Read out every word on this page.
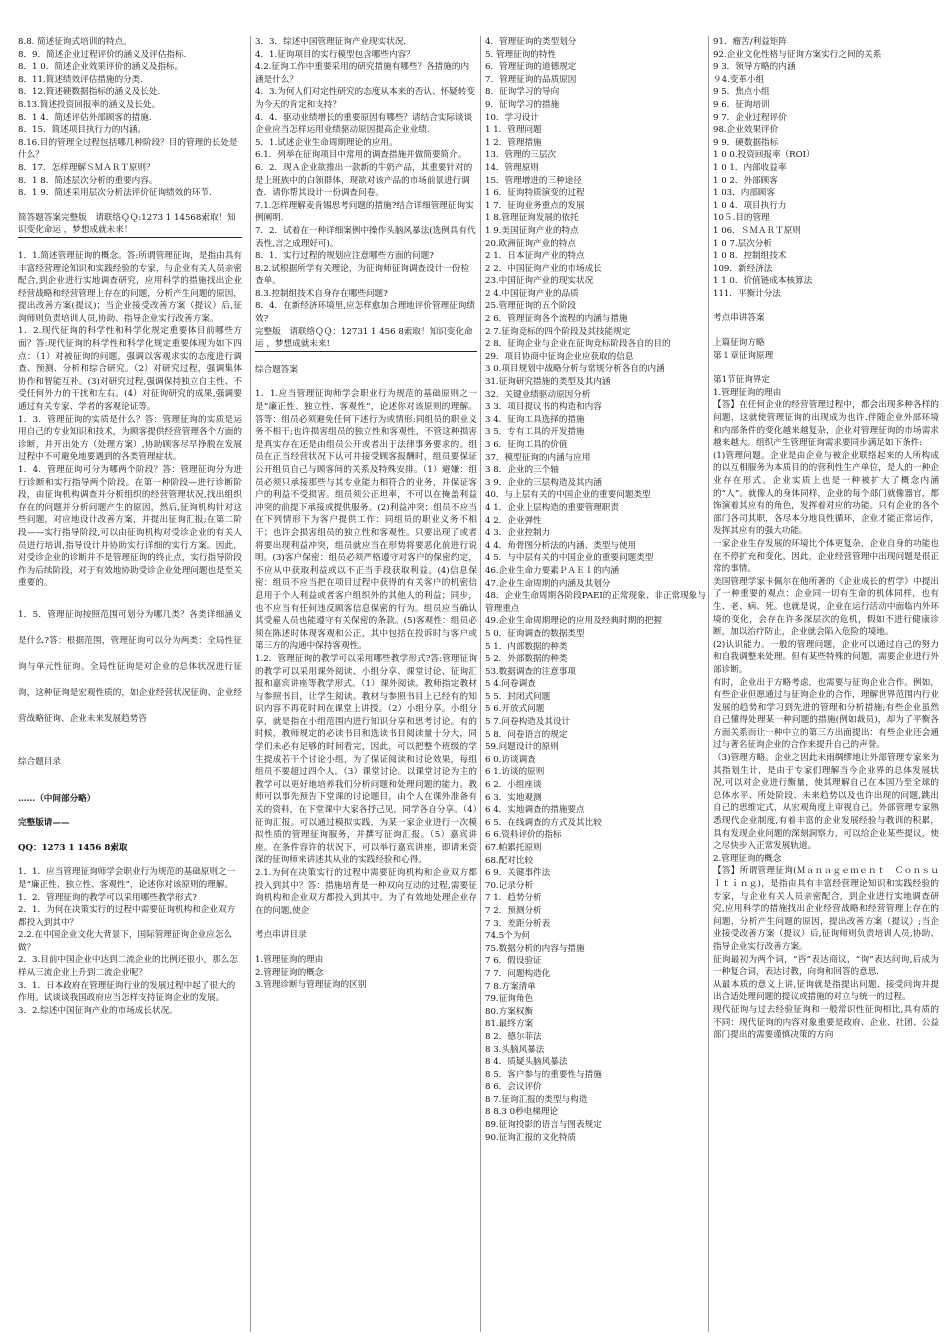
8.8. 简述征询式培训的特点。
8．9．简述企业过程评价的涵义及评估指标.
8．1 0．简述企业效果评价的涵义及指标。
8．11.简述绩效评估措施的分类.
8．12.简述硬数据指标的涵义及长处.
8.13.简述投资回报率的涵义及长处。
8．1 4．简述评估外部顾客的措施.
8．15．简述项目执行力的内涵。
8.16.目的管理全过程包括哪几种阶段？目的管理的长处是什么？
8．17．怎样理解ＳＭＡＲＴ原则？
8．1 8．简述层次分析的重要内容。
8．1 9．简述采用层次分析法评价征询绩效的环节.
简答题答案完整版　请联络ＱＱ:1273 1 14568索取！知识变化命运 ，梦想成就未来！
1．1.简述管理征询的概念。答:所谓管理征询，是指由具有丰富经营理论知识和实践经验的专家，与企业有关人员亲密配合,到企业进行实地调查研究，应用科学的措施找出企业经营战略和经营管理上存在的问题，分析产生问题的原因，提出改善方案(提议)；当企业接受改善方案（提议）后,征询师则负责培训人员,协助、指导企业实行改善方案。
1．2.现代征询的科学性和科学化规定重要体目前哪些方面？答:现代征询的科学性和科学化规定重要体现为如下四点：（1）对被征询的问题，强调以客观求实的态度进行调查、预测、分析和综合研究。（2）对研究过程，强调集体协作和智能互补。(3)对研究过程,强调保持独立自主性、不受任何外力的干扰和左右。(4）对征询研究的成果,强调要通过有关专家、学者的客观论证等。
1．3．管理征询的实质是什么？答：管理征询的实质是运用自己的专业知识和技术，为顾客提供经营管理各个方面的诊断，并开出处方（处理方案）,协助顾客尽早挣脱在发展过程中不可避免地要遇到的各类管理症状。
1．4．管理征询可分为哪两个阶段？答：管理征询分为进行诊断和实行指导两个阶段。在第一种阶段—进行诊断阶段，由征询机构调查并分析组织的经营管理状况,找出组织存在的问题并分析问题产生的原因，然后,征询机构针对这些问题，对应地设计改善方案，并提出征询汇报;在第二阶段——实行指导阶段,可以由征询机构对受诊企业的有关人员进行培训,指导设计并协助实行详细的实行方案。因此，对受诊企业的诊断并不是管理征询的终止点，实行指导阶段作为后续阶段，对于有效地协助受诊企业处理问题也是至关重要的。
1．5．管理征询按照范围可划分为哪几类？各类详细涵义是什么?答：根据范围，管理征询可以分为两类：全局性征询与单元性征询。全局性征询是对企业的总体状况进行征询，这种征询是宏观性质的，如企业经营状况征询、企业经营战略征询、企业未来发展趋势咨
综合题目录
……（中间部分略）
完整版请——
QQ：1273 1 1456 8索取
1．1．应当管理征询师学会职业行为规范的基础原则之一是“廉正性、独立性、客观性”，论述你对该原则的理解。
1．2．管理征询的教学可以采用哪些教学形式?
2．1．为何在决策实行的过程中需要征询机构和企业双方都投入到其中？
2.2.在中国企业文化大背景下，国际管理征询企业应怎么做？
2．3.目前中国企业中达到二流企业的比例还很小，那么怎样从三流企业上升到二流企业呢？
3．1．日本政府在管理征询行业的发展过程中起了很大的作用。试谈谈我国政府应当怎样支持征询企业的发展。
3．2.综述中国征询产业的市场成长状况。
3．3．综述中国管理征询产业现实状况.
4．1.征询项目的实行模型包含哪些内容？
4.2.征询工作中重要采用的研究措施有哪些？各措施的内涵是什么？
4．3.为何人们对定性研究的态度从本来的否认、怀疑转变为今天的肯定和支持？
4．4．驱动业绩增长的重要原因有哪些？请结合实际谈谈企业应当怎样运用业绩驱动原因提高企业业绩.
5．1.试述企业生命周期理论的应用。
6.1．列举在征询项目中常用的调查措施并做简要简介。
6．2．现Ａ企业欲推出一款新的牛奶产品，其重要针对的是上班族中的白领群体，现欲对该产品的市场前景进行调查．请你帮其设计一份调查问卷。
7.1.怎样理解麦肯锡思考问题的措施?结合详细管理征询实例阐明.
7．2．试着在一种详细案例中操作头脑风暴法(选例具有代表性,言之成理好可)。
8．1．实行过程的规划应注意哪些方面的问题?
8.2.试根据所学有关理论，为征询师征询调查设计一份检查单。
8.3.控制组技术自身存在哪些问题?
8．4．在新经济环境里,应怎样愈加合理地评价管理征询绩效?
完整版　请联络ＱＱ：12731 1 456 8索取！知识变化命运 ，梦想成就未来!
综合题答案
1．1.应当管理征询师学会职业行为规范的基础原则之一是“廉正性、独立性、客观性”，论述你对该原则的理解。答等：组员必须避免任何下述行为或情形:同组员的职业义务不相干;也许损害组员的独立性和客观性，不管这种损害是真实存在还是由组员公开或者出于法律事务要求的。组员在正当经营状况下认可并接受顾客报酬时，组员要保证公开组员自己与顾客间的关系及特殊安排。（1）避嫌：组员必须只承接那些与其专业能力相符合的业务，并保证客户的利益不受损害。组员须公正坦率，不可以在掩盖利益冲突的前提下承接或提供服务。(2)利益冲突：组员不应当在下列情形下为客户提供工作：同组员的职业义务不相干；也许会损害组员的独立性和客观性。只要出现了或者将要出现利益冲突，组员就应当在形势将要恶化前进行说明。(3)客户保密：组员必须严格遵守对客户的保密约定，不应从中获取利益或以不正当手段获取利益。(4)信息保密：组员不应当把在项目过程中获得的有关客户的机密信息用于个人利益或者客户组织外的其他人的利益；同步，也不应当有任何违反顾客信息保密的行为。组员应当确认其受雇人员也能遵守有关保密的条款。(5)客观性：组员必须在陈述时体现客观和公正，其中包括在投诉时与客户或第三方的沟通中保持客观性。
1.2．管理征询的教学可以采用哪些教学形式?答:管理征询的教学可以采用课外阅读、小组分享、课堂讨论、征询汇报和嘉宾讲座等教学形式。（1）课外阅读。教师指定教材与参照书目，让学生阅读。教材与参照书目上已经有的知识内容不再花时间在课堂上讲授。（2）小组分享。小组分享，就是指在小组范围内进行知识分享和思考讨论。有的时候，教师规定的必读书目和选读书目阅读量十分大，同学们未必有足够的时间看完，因此，可以把整个班级的学生提成若干个讨论小组，为了保证阅读和讨论效果，每组组员不要超过四个人。（3）课堂讨论。以课堂讨论为主的教学可以更好地培养我们分析问题和处理问题的能力。教师可以事先预告下堂课的讨论题目，由个人在课外准备有关的资料，在下堂课中大家各抒己见，同学各自分享。（4）征询汇报。可以通过模拟实践，为某一家企业进行一次模拟性质的管理征询服务，并撰写征询汇报。（5）嘉宾讲座。在条件容许的状况下，可以举行嘉宾讲座，即请来资深的征询师来讲述其从业的实践经验和心得。
2.1.为何在决策实行的过程中需要征询机构和企业双方都投入到其中？答：措施培育是一种双向互动的过程,需要征询机构和企业双方都投入到其中。为了有效地处理企业存在的问题,使企
考点串讲目录
1.管理征询的理由
2.管理征询的概念
3.管理诊断与管理征询的区别
4．管理征询的类型划分
5. 管理征询的特性
6．管理征询的道德规定
7．管理征询的品质原因
8．征询学习的导向
9．征询学习的措施
10．学习设计
1 1．管理问题
1 2．管理措施
13．管理的三层次
14．管理原则
15．管理增进的三种途径
1 6．征询特质演变的过程
1 7．征询业务重点的发展
1 8.管理征询发展的依托
1 9.美国征询产业的特点
20.欧洲征询产业的特点
2 1．日本征询产业的特点
2 2．中国征询产业的市场成长
23.中国征询产业的现实状况
2 4.中国征询产业的品质
25.管理征询的五个阶段
2 6．管理征询各个流程的内涵与措施
2 7.征询竞标的四个阶段及其技能规定
2 8．征询企业与企业在征询竞标阶段各自的目的
29．项目协商中征询企业应获取的信息
3 0.项目规划中战略分析与常规分析各自的内涵
31.征询研究措施的类型及其内涵
32．关键业绩驱动原因分析
3 3．项目提议书的构造和内容
3 4．征询工具选择的措施
3 5．专有工具的开发措施
3 6．征询工具的价值
37．模型征询的内涵与应用
3 8．企业的三个轴
3 9．企业的三层构造及其内涵
40．与上层有关的中国企业的重要问题类型
4 1．企业上层构造的重要管理职责
4 2．企业弹性
4 3．企业控制力
4 4．角骨图分析法的内涵、类型与使用
4 5．与中层有关的中国企业的重要问题类型
46.企业生命力要素ＰＡＥＩ的内涵
47.企业生命周期的内涵及其划分
48．企业生命周期各阶段PAEI的正常现象、非正常现象与管理重点
49.企业生命周期理论的应用及经典时期的把握
5 0．征询调查的数据类型
5 1．内部数据的种类
5 2．外部数据的种类
53.数据调查的注意事项
5 4.问卷调查
5 5．封闭式问题
5 6.开放式问题
5 7.问卷构造及其设计
5 8．问卷语言的规定
59.问题设计的原则
6 0.访谈调查
6 1.访谈的原则
6 2．小组座谈
6 3．实地观测
6 4．实地调查的措施要点
6 5．在线调查的方式及其比较
6 6.资料评价的指标
67.帕累托原则
68.配对比较
6 9．关键事件法
70.记录分析
7 1．趋势分析
7 2．预测分析
7 3．差距分析表
74.5个为何
75.数据分析的内容与措施
7 6．假设验证
7 7．问题构造化
7 8.方案清单
79.征询角色
80.方案权衡
81.最终方案
8 2．德尔菲法
8 3.头脑风暴法
8 4．质疑头脑风暴法
8 5．客户参与的重要性与措施
8 6．会议评价
8 7.征询汇报的类型与构造
8 8.3 0秒电梯理论
89.征询投影的语言与图表规定
90.征询汇报的文化特质
91．瘤苦/利益矩阵
92.企业文化性格与征询方案实行之间的关系
9 3．领导方略的内涵
９4.变革小组
9 5．焦点小组
9 6．征询培训
9 7．企业过程评价
98.企业效果评价
9 9．硬数据指标
1 0 0.投资回报率（ROI）
1 0 1．内部收益率
1 0 2．外部顾客
1 03．内部顾客
1 0 4．项目执行力
10５.目的管理
1 06．ＳＭＡＲＴ原则
1 0 7.层次分析
1 0 8．控制组技术
109．新经济法
1 1 0．价值链成本核算法
111．平衡计分法
考点串讲答案
上篇征询方略
第１章征询原理
第1节征询界定
1.管理征询的理由
【答】在任何企业的经营管理过程中，都会出现多种各样的问题，这就使管理征询的出现成为也许.伴随企业外部环境和内部条件的变化越来越复杂，企业对管理征询的市场需求越来越大。组织产生管理征询需求要同步满足如下条件:
(1)管理问题。企业是由企业与被企业联络起来的人所构成的以互相服务为本质目的的营利性生产单位，是人的一种企业存在形式。企业实质上也是一种被扩大了概念内涵的“人”。就像人的身体同样，企业的每个部门就像器官，都饰演着其应有的角色，发挥着对应的功能。只有企业的各个部门各司其职，各尽本分地良性循环，企业才能正常运作，发挥其应有的强大功能。
一家企业生存发展的环境比个体更复杂，企业自身的功能也在不停扩充和变化，因此，企业经营管理中出现问题是很正常的事情。
美国管理学家卡佩尔在他所著的《企业成长的哲学》中提出了一种重要的观点：企业同一切有生命的机体同样，也有生、老、病、死。也就是说，企业在运行活动中面临内外环境的变化，会存在许多深层次的危机，假如不进行健康诊断，加以治疗防止，企业就会陷入危险的境地。
(2)认识能力。一般的管理问题，企业可以通过自己的努力和自我调整来处理。但有某些特殊的问题，需要企业进行外部诊断。
有时，企业出于方略考虑，也需要与征询企业合作。例如，有些企业但愿通过与征询企业的合作，理解世界范围内行业发展的趋势和学习到先进的管理和分析措施;有些企业虽然自己懂得处理某一种问题的措施(例如裁员)，却为了平衡各方面关系而让一种中立的第三方出面提出：有些企业还会通过与著名征询企业的合作来提升自己的声誉。
（3)管理方略。企业之因此未雨绸缪地让外部管理专家来为其指划生计，是由于专家们理解当今企业界的总体发展状况,可以对企业进行衡量，使其理解自己在本国乃至全球的总体水平、所处阶段、未来趋势以及也许出现的问题,跳出自己的思维定式，从宏观角度上审视自己。外部管理专家熟悉现代企业制度,有着丰富的企业发展经验与教训的积累，具有发现企业问题的深刻洞察力，可以给企业某些提议，使之尽快步入正常发展轨道。
2.管理征询的概念
【答】所谓管理征询(Ｍａｎａｇｅｍｅｎｔ　Ｃｏｎｓｕｌｔｉｎｇ)，是指由具有丰富经营理论知识和实践经验的专家，与企业有关人员亲密配合，到企业进行实地调查研究,应用科学的措施找出企业经营战略和经营管理上存在的问题，分析产生问题的原因，提出改善方案（提议）;当企业接受改善方案（提议）后,征询师则负责培训人员,协助、指导企业实行改善方案。
征询最初为两个词，“咨”表达商议，“询”表达问询,后成为一种复合词，表达讨教，向询和回答的意思.
从最本质的意义上讲,征询就是指提出问题、接受问询并提出合适处理问题的提议或措施的对立与统一的过程。
现代征询与过去经验征询和一般常识性征询相比,具有质的不同：现代征询的内容对象重要是政府、企业、社团、公益部门提出的需要谨慎决策的方向
